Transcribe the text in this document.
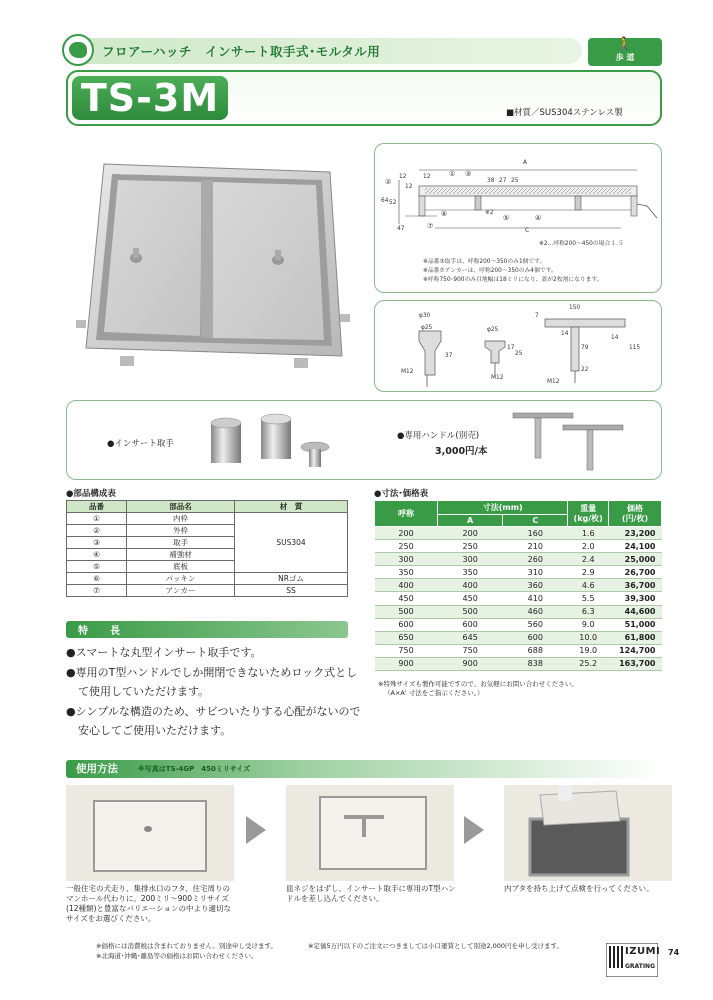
フロアーハッチ　インサート取手式･モルタル用	🚶
歩 道
TS-3M	■材質／SUS304ステンレス製
A
12	12
12
38 27 25
64 52
47
②
① ③
④
⑤
⑥
⑦
C
※2
※2…呼称200～450の場合１.５
※品番③取手は、呼称200～350のみ1個です。
※品番⑦アンカーは、呼称200～350のみ4個です。
※呼称750･900のみ目地幅は18ミリになり、蓋が2枚割になります。
φ30
φ25
37
M12
φ25
17
25
M12
150
7
14
79
14
115
22
M12
●インサート取手
●専用ハンドル(別売)
3,000円/本
●部品構成表
品番	部品名	材　質
①	内枠	SUS304
②	外枠	
③	取手	
④	補強材	
⑤	底板	
⑥	パッキン	NRゴム
⑦	アンカー	SS
●寸法･価格表
呼称	寸法(mm)		重量
(kg/枚)	価格
(円/枚)
	A	C		
200	200	160	1.6	23,200
250	250	210	2.0	24,100
300	300	260	2.4	25,000
350	350	310	2.9	26,700
400	400	360	4.6	36,700
450	450	410	5.5	39,300
500	500	460	6.3	44,600
600	600	560	9.0	51,000
650	645	600	10.0	61,800
750	750	688	19.0	124,700
900	900	838	25.2	163,700
※特殊サイズも製作可能ですので、お気軽にお問い合わせください。
（A×A' 寸法をご指示ください。）
特　長
●スマートな丸型インサート取手です。
●専用のT型ハンドルでしか開閉できないためロック式として使用していただけます。
●シンプルな構造のため、サビついたりする心配がないので安心してご使用いただけます。
使用方法	※写真はTS-4GP　450ミリサイズ
一般住宅の犬走り、集排水口のフタ、住宅周りのマンホール代わりに。200ミリ～900ミリサイズ(12種類)と豊富なバリエーションの中より適切なサイズをお選びください。
皿ネジをはずし、インサート取手に専用のT型ハンドルを差し込んでください。
内ブタを持ち上げて点検を行ってください。
※価格には消費税は含まれておりません。別途申し受けます。
※北海道･沖縄･離島等の価格はお問い合わせください。
※定価5万円以下のご注文につきましては小口運賃として別途2,000円を申し受けます。	IZUMI
GRATING
74
